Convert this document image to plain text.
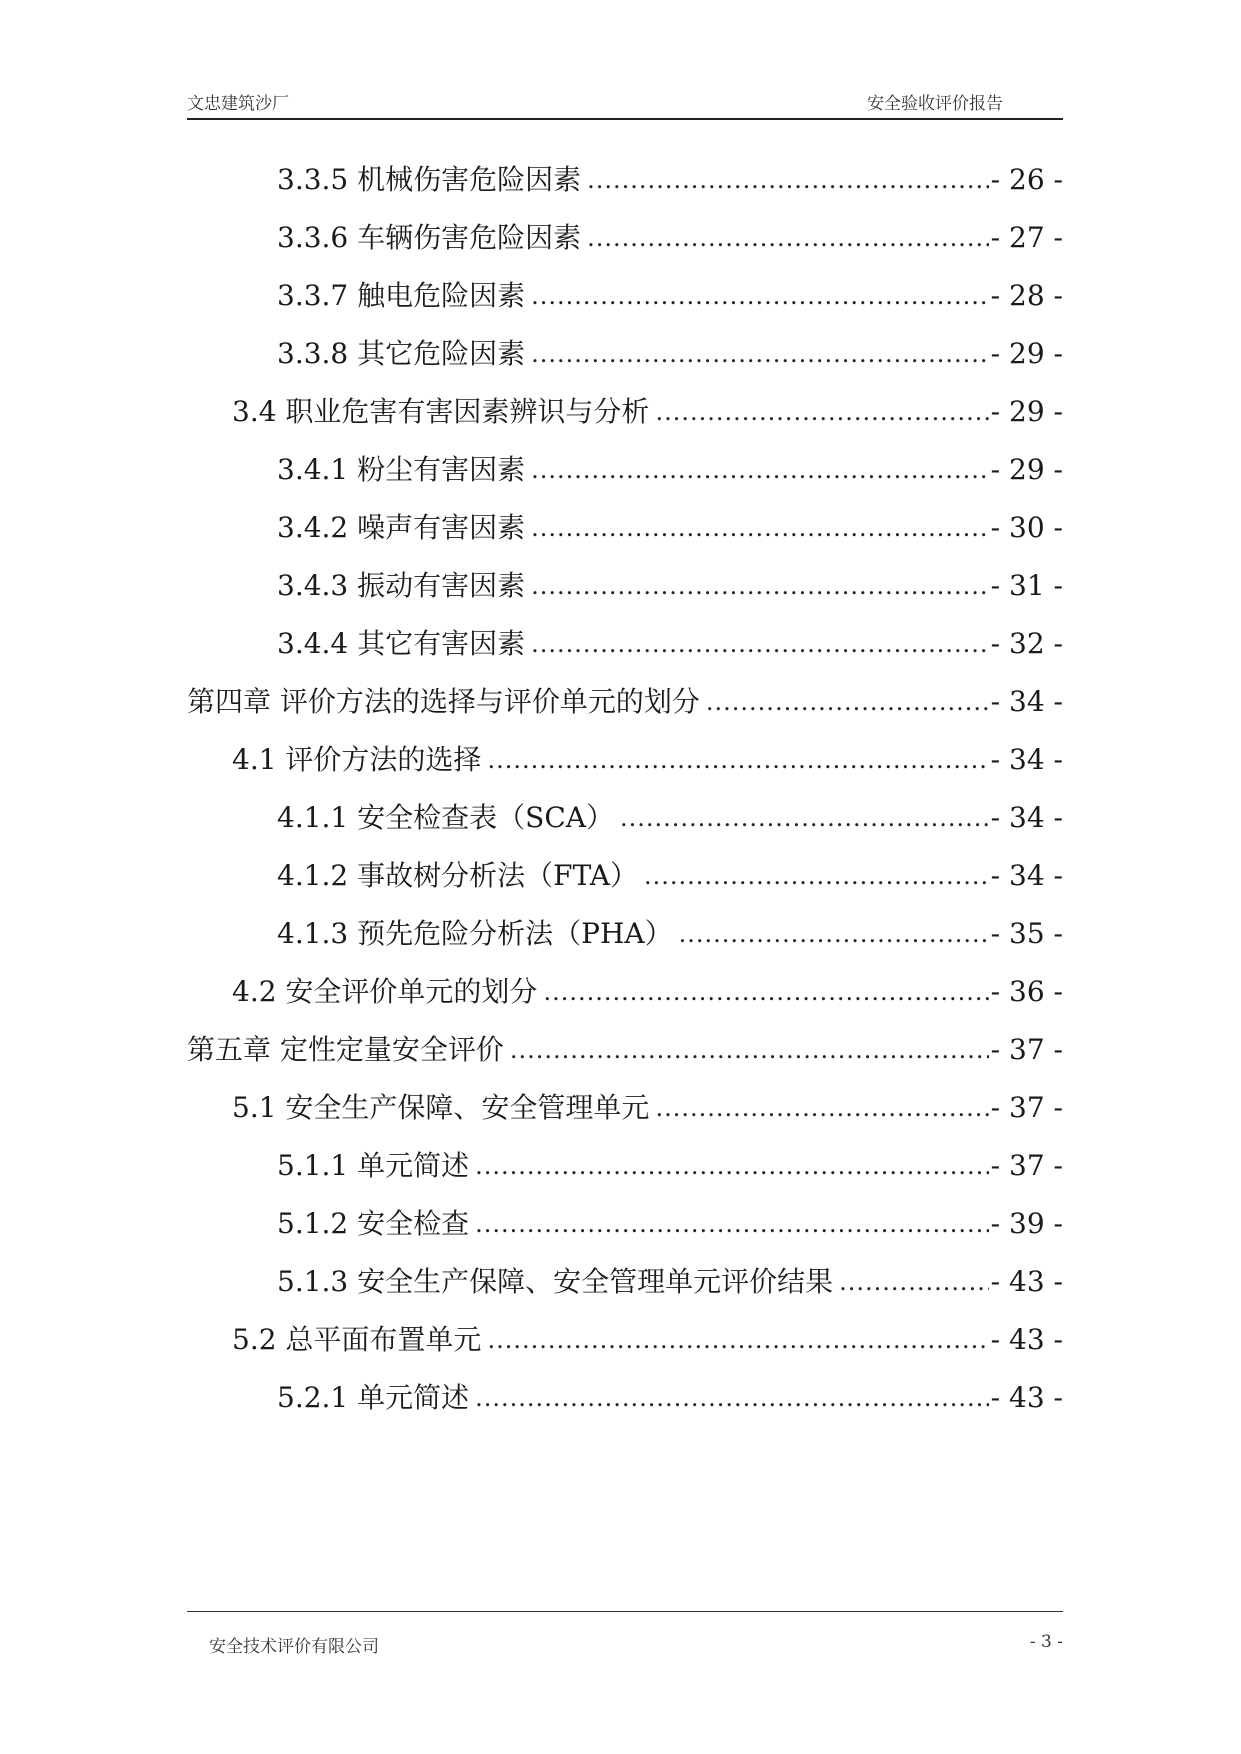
文忠建筑沙厂	安全验收评价报告
3.3.5 机械伤害危险因素 .....	- 26 -
3.3.6 车辆伤害危险因素 .....	- 27 -
3.3.7 触电危险因素 .....	- 28 -
3.3.8 其它危险因素 .....	- 29 -
3.4 职业危害有害因素辨识与分析 .....	- 29 -
3.4.1 粉尘有害因素 .....	- 29 -
3.4.2 噪声有害因素 .....	- 30 -
3.4.3 振动有害因素 .....	- 31 -
3.4.4 其它有害因素 .....	- 32 -
第四章 评价方法的选择与评价单元的划分 .....	- 34 -
4.1 评价方法的选择 .....	- 34 -
4.1.1 安全检查表（SCA） .....	- 34 -
4.1.2 事故树分析法（FTA） .....	- 34 -
4.1.3 预先危险分析法（PHA） .....	- 35 -
4.2 安全评价单元的划分 .....	- 36 -
第五章 定性定量安全评价 .....	- 37 -
5.1 安全生产保障、安全管理单元 .....	- 37 -
5.1.1 单元简述 .....	- 37 -
5.1.2 安全检查 .....	- 39 -
5.1.3 安全生产保障、安全管理单元评价结果 .....	- 43 -
5.2 总平面布置单元 .....	- 43 -
5.2.1 单元简述 .....	- 43 -
安全技术评价有限公司	- 3 -
